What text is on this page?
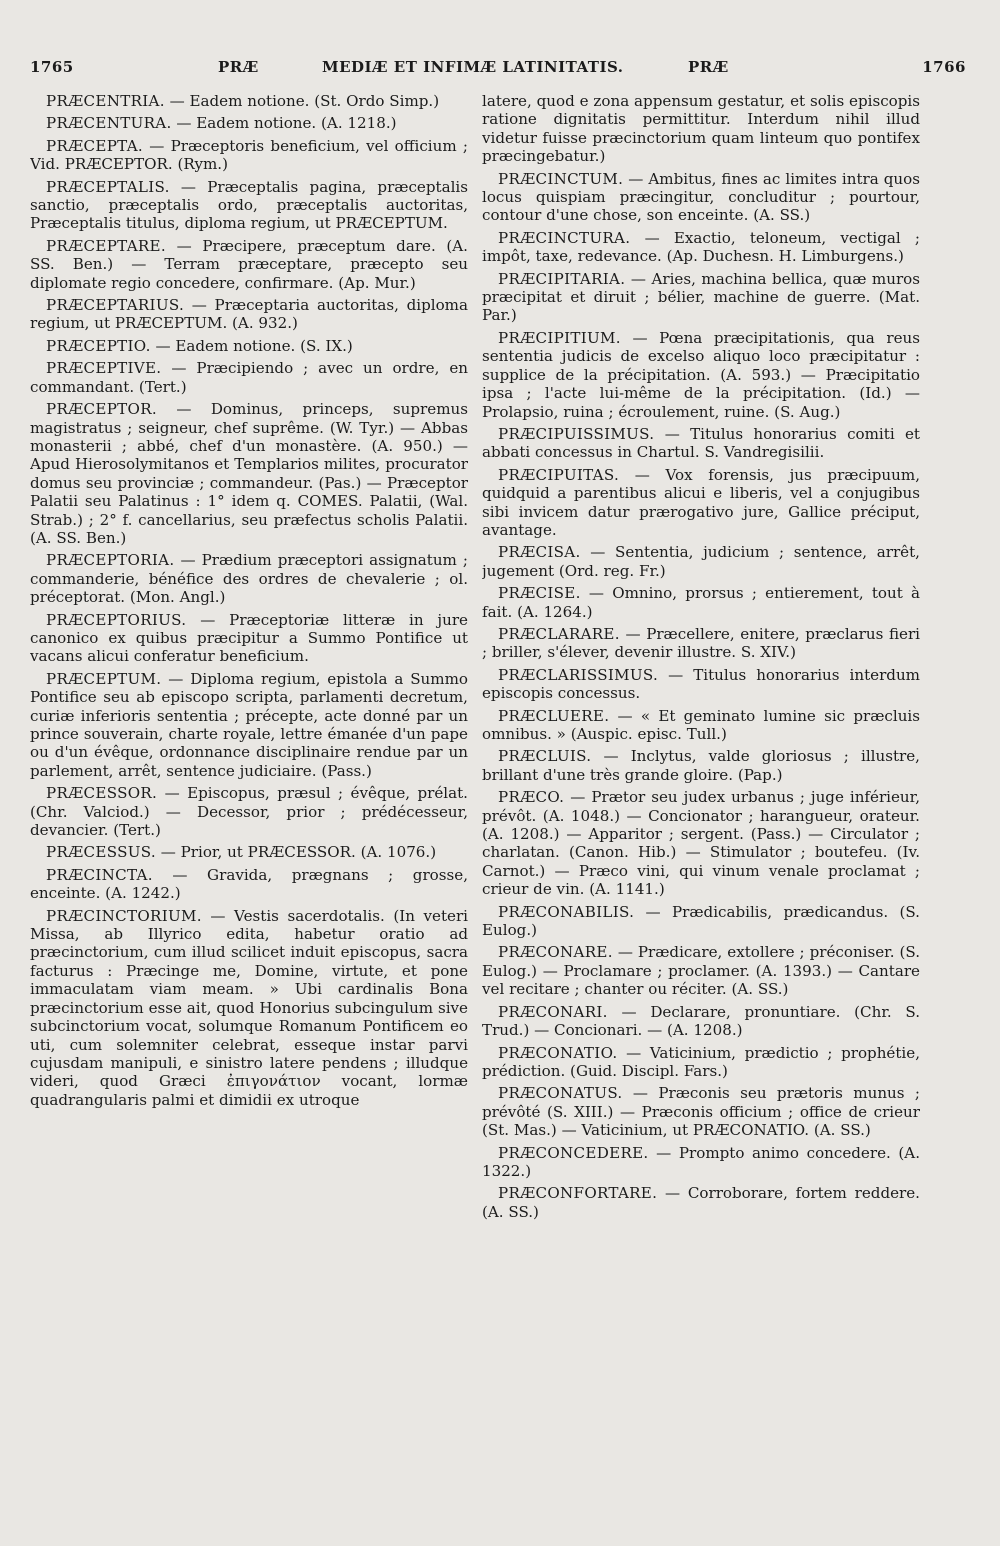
1765	PRÆ	MEDIÆ ET INFIMÆ LATINITATIS.	PRÆ	1766

PRÆCENTRIA. — Eadem notione. (St. Ordo Simp.)

PRÆCENTURA. — Eadem notione. (A. 1218.)

PRÆCEPTA. — Præceptoris beneficium, vel officium ; Vid. PRÆCEPTOR. (Rym.)

PRÆCEPTALIS. — Præceptalis pagina, præceptalis sanctio, præceptalis ordo, præceptalis auctoritas, Præceptalis titulus, diploma regium, ut PRÆCEPTUM.

PRÆCEPTARE. — Præcipere, præceptum dare. (A. SS. Ben.) — Terram præceptare, præcepto seu diplomate regio concedere, confirmare. (Ap. Mur.)

PRÆCEPTARIUS. — Præceptaria auctoritas, diploma regium, ut PRÆCEPTUM. (A. 932.)

PRÆCEPTIO. — Eadem notione. (S. IX.)

PRÆCEPTIVE. — Præcipiendo ; avec un ordre, en commandant. (Tert.)

PRÆCEPTOR. — Dominus, princeps, supremus magistratus ; seigneur, chef suprême. (W. Tyr.) — Abbas monasterii ; abbé, chef d'un monastère. (A. 950.) — Apud Hierosolymitanos et Templarios milites, procurator domus seu provinciæ ; commandeur. (Pas.) — Præceptor Palatii seu Palatinus : 1° idem q. COMES. Palatii, (Wal. Strab.) ; 2° f. cancellarius, seu præfectus scholis Palatii. (A. SS. Ben.)

PRÆCEPTORIA. — Prædium præceptori assignatum ; commanderie, bénéfice des ordres de chevalerie ; ol. préceptorat. (Mon. Angl.)

PRÆCEPTORIUS. — Præceptoriæ litteræ in jure canonico ex quibus præcipitur a Summo Pontifice ut vacans alicui conferatur beneficium.

PRÆCEPTUM. — Diploma regium, epistola a Summo Pontifice seu ab episcopo scripta, parlamenti decretum, curiæ inferioris sententia ; précepte, acte donné par un prince souverain, charte royale, lettre émanée d'un pape ou d'un évêque, ordonnance disciplinaire rendue par un parlement, arrêt, sentence judiciaire. (Pass.)

PRÆCESSOR. — Episcopus, præsul ; évêque, prélat. (Chr. Valciod.) — Decessor, prior ; prédécesseur, devancier. (Tert.)

PRÆCESSUS. — Prior, ut PRÆCESSOR. (A. 1076.)

PRÆCINCTA. — Gravida, prægnans ; grosse, enceinte. (A. 1242.)

PRÆCINCTORIUM. — Vestis sacerdotalis. (In veteri Missa, ab Illyrico edita, habetur oratio ad præcinctorium, cum illud scilicet induit episcopus, sacra facturus : Præcinge me, Domine, virtute, et pone immaculatam viam meam. » Ubi cardinalis Bona præcinctorium esse ait, quod Honorius subcingulum sive subcinctorium vocat, solumque Romanum Pontificem eo uti, cum solemniter celebrat, esseque instar parvi cujusdam manipuli, e sinistro latere pendens ; illudque videri, quod Græci ἐπιγονάτιον vocant, lormæ quadrangularis palmi et dimidii ex utroque

latere, quod e zona appensum gestatur, et solis episcopis ratione dignitatis permittitur. Interdum nihil illud videtur fuisse præcinctorium quam linteum quo pontifex præcingebatur.)

PRÆCINCTUM. — Ambitus, fines ac limites intra quos locus quispiam præcingitur, concluditur ; pourtour, contour d'une chose, son enceinte. (A. SS.)

PRÆCINCTURA. — Exactio, teloneum, vectigal ; impôt, taxe, redevance. (Ap. Duchesn. H. Limburgens.)

PRÆCIPITARIA. — Aries, machina bellica, quæ muros præcipitat et diruit ; bélier, machine de guerre. (Mat. Par.)

PRÆCIPITIUM. — Pœna præcipitationis, qua reus sententia judicis de excelso aliquo loco præcipitatur : supplice de la précipitation. (A. 593.) — Præcipitatio ipsa ; l'acte lui-même de la précipitation. (Id.) — Prolapsio, ruina ; écroulement, ruine. (S. Aug.)

PRÆCIPUISSIMUS. — Titulus honorarius comiti et abbati concessus in Chartul. S. Vandregisilii.

PRÆCIPUITAS. — Vox forensis, jus præcipuum, quidquid a parentibus alicui e liberis, vel a conjugibus sibi invicem datur prærogativo jure, Gallice préciput, avantage.

PRÆCISA. — Sententia, judicium ; sentence, arrêt, jugement (Ord. reg. Fr.)

PRÆCISE. — Omnino, prorsus ; entierement, tout à fait. (A. 1264.)

PRÆCLARARE. — Præcellere, enitere, præclarus fieri ; briller, s'élever, devenir illustre. S. XIV.)

PRÆCLARISSIMUS. — Titulus honorarius interdum episcopis concessus.

PRÆCLUERE. — « Et geminato lumine sic præcluis omnibus. » (Auspic. episc. Tull.)

PRÆCLUIS. — Inclytus, valde gloriosus ; illustre, brillant d'une très grande gloire. (Pap.)

PRÆCO. — Prætor seu judex urbanus ; juge inférieur, prévôt. (A. 1048.) — Concionator ; harangueur, orateur. (A. 1208.) — Apparitor ; sergent. (Pass.) — Circulator ; charlatan. (Canon. Hib.) — Stimulator ; boutefeu. (Iv. Carnot.) — Præco vini, qui vinum venale proclamat ; crieur de vin. (A. 1141.)

PRÆCONABILIS. — Prædicabilis, prædicandus. (S. Eulog.)

PRÆCONARE. — Prædicare, extollere ; préconiser. (S. Eulog.) — Proclamare ; proclamer. (A. 1393.) — Cantare vel recitare ; chanter ou réciter. (A. SS.)

PRÆCONARI. — Declarare, pronuntiare. (Chr. S. Trud.) — Concionari. — (A. 1208.)

PRÆCONATIO. — Vaticinium, prædictio ; prophétie, prédiction. (Guid. Discipl. Fars.)

PRÆCONATUS. — Præconis seu prætoris munus ; prévôté (S. XIII.) — Præconis officium ; office de crieur (St. Mas.) — Vaticinium, ut PRÆCONATIO. (A. SS.)

PRÆCONCEDERE. — Prompto animo concedere. (A. 1322.)

PRÆCONFORTARE. — Corroborare, fortem reddere. (A. SS.)
